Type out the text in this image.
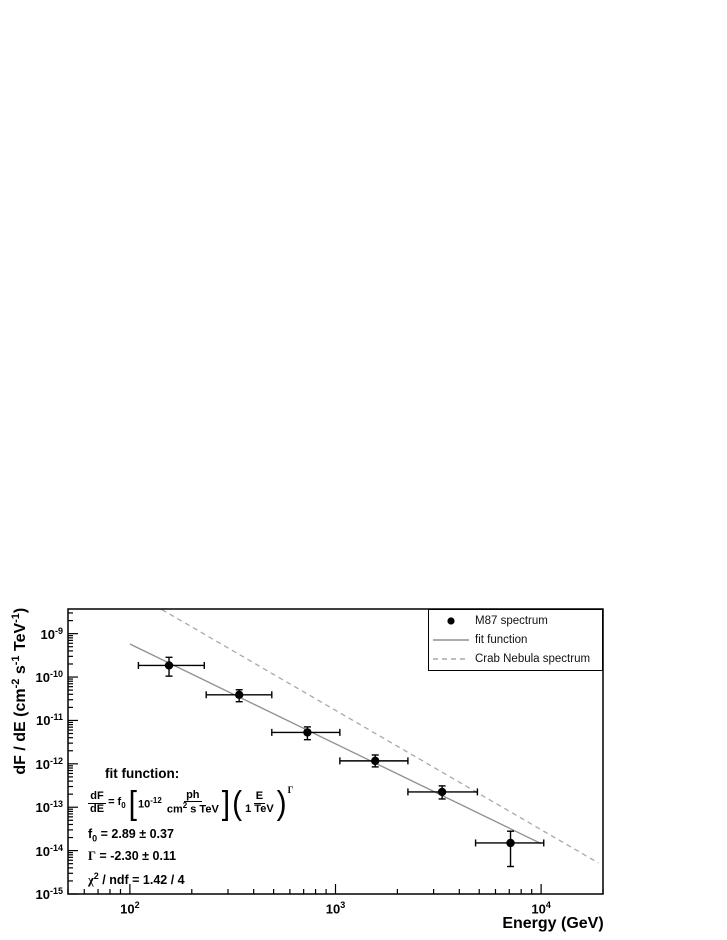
$10^2$	$10^3$	$10^4$
$10^{-15}$
$10^{-14}$
$10^{-13}$
$10^{-12}$
$10^{-11}$
$10^{-10}$
$10^{-9}$
dF / dE ($cm^{-2}$ $s^{-1}$ TeV$^{-1}$)
Energy (GeV)
M87 spectrum
fit function
Crab Nebula spectrum
fit function:
$\frac{dF}{dE} = f_0$ [ $10^{-12} \frac{ph}{cm^2 s TeV}$ ] ( $\frac{E}{\text{1 TeV}}$ ) Γ
$f_0 = 2.89 \pm 0.37$
Γ = -2.30 ± 0.11
$\chi^2$ / ndf = 1.42 / 4
